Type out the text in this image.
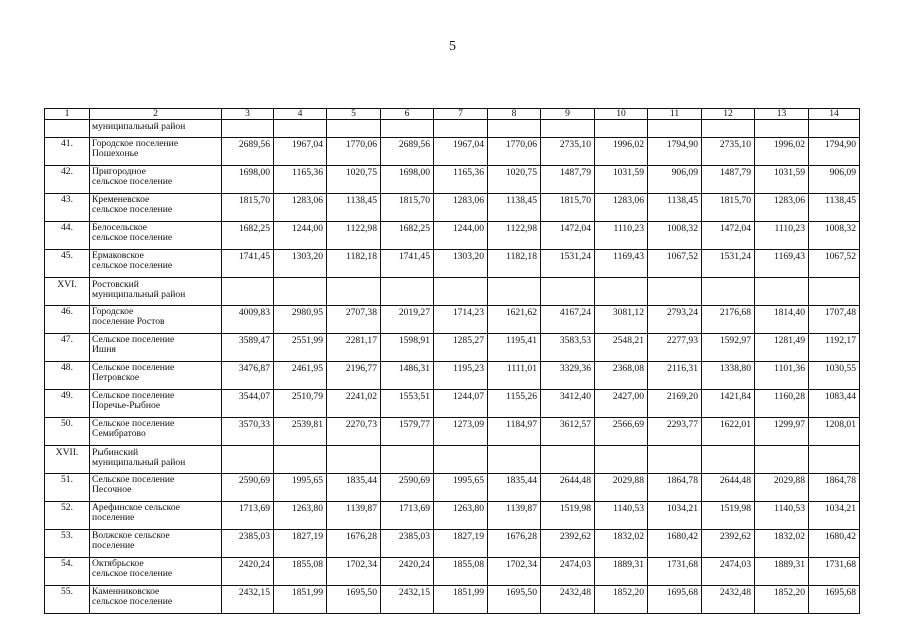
5
1	2	3	4	5	6	7	8	9	10	11	12	13	14
	муниципальный район												
41.	Городское поселение
Пошехонье	2689,56	1967,04	1770,06	2689,56	1967,04	1770,06	2735,10	1996,02	1794,90	2735,10	1996,02	1794,90
42.	Пригородное
сельское поселение	1698,00	1165,36	1020,75	1698,00	1165,36	1020,75	1487,79	1031,59	906,09	1487,79	1031,59	906,09
43.	Кременевское
сельское поселение	1815,70	1283,06	1138,45	1815,70	1283,06	1138,45	1815,70	1283,06	1138,45	1815,70	1283,06	1138,45
44.	Белосельское
сельское поселение	1682,25	1244,00	1122,98	1682,25	1244,00	1122,98	1472,04	1110,23	1008,32	1472,04	1110,23	1008,32
45.	Ермаковское
сельское поселение	1741,45	1303,20	1182,18	1741,45	1303,20	1182,18	1531,24	1169,43	1067,52	1531,24	1169,43	1067,52
XVI.	Ростовский
муниципальный район												
46.	Городское
поселение Ростов	4009,83	2980,95	2707,38	2019,27	1714,23	1621,62	4167,24	3081,12	2793,24	2176,68	1814,40	1707,48
47.	Сельское поселение
Ишня	3589,47	2551,99	2281,17	1598,91	1285,27	1195,41	3583,53	2548,21	2277,93	1592,97	1281,49	1192,17
48.	Сельское поселение
Петровское	3476,87	2461,95	2196,77	1486,31	1195,23	1111,01	3329,36	2368,08	2116,31	1338,80	1101,36	1030,55
49.	Сельское поселение
Поречье-Рыбное	3544,07	2510,79	2241,02	1553,51	1244,07	1155,26	3412,40	2427,00	2169,20	1421,84	1160,28	1083,44
50.	Сельское поселение
Семибратово	3570,33	2539,81	2270,73	1579,77	1273,09	1184,97	3612,57	2566,69	2293,77	1622,01	1299,97	1208,01
XVII.	Рыбинский
муниципальный район												
51.	Сельское поселение
Песочное	2590,69	1995,65	1835,44	2590,69	1995,65	1835,44	2644,48	2029,88	1864,78	2644,48	2029,88	1864,78
52.	Арефинское сельское
поселение	1713,69	1263,80	1139,87	1713,69	1263,80	1139,87	1519,98	1140,53	1034,21	1519,98	1140,53	1034,21
53.	Волжское сельское
поселение	2385,03	1827,19	1676,28	2385,03	1827,19	1676,28	2392,62	1832,02	1680,42	2392,62	1832,02	1680,42
54.	Октябрьское
сельское поселение	2420,24	1855,08	1702,34	2420,24	1855,08	1702,34	2474,03	1889,31	1731,68	2474,03	1889,31	1731,68
55.	Каменниковское
сельское поселение	2432,15	1851,99	1695,50	2432,15	1851,99	1695,50	2432,48	1852,20	1695,68	2432,48	1852,20	1695,68
